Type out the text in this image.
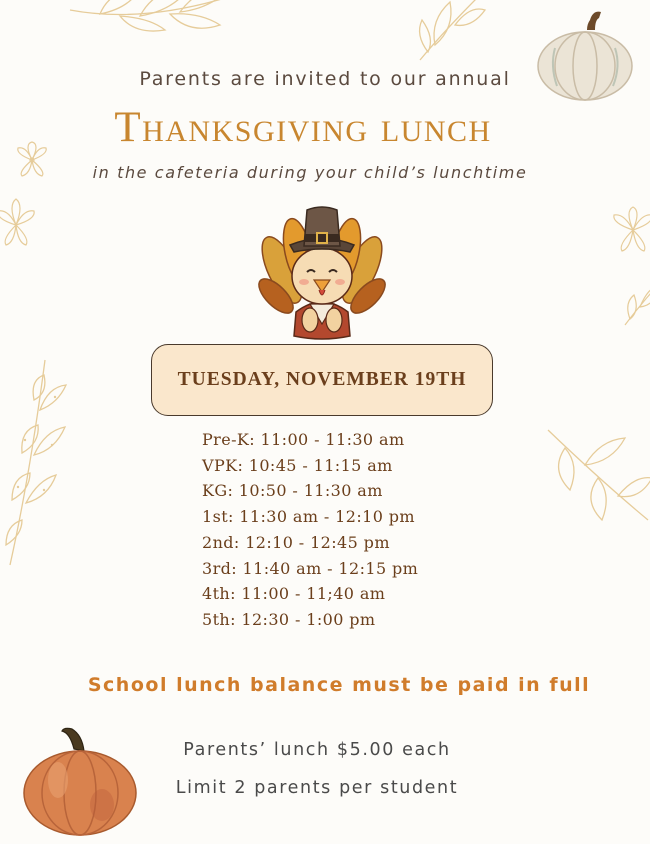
Parents are invited to our annual
Thanksgiving lunch
in the cafeteria during your child’s lunchtime
TUESDAY, NOVEMBER 19TH
Pre-K: 11:00 - 11:30 am
VPK: 10:45 - 11:15 am
KG: 10:50 - 11:30 am
1st: 11:30 am - 12:10 pm
2nd: 12:10 - 12:45 pm
3rd: 11:40 am - 12:15 pm
4th: 11:00 - 11;40 am
5th: 12:30 - 1:00 pm
School lunch balance must be paid in full
Parents’ lunch $5.00 each
Limit 2 parents per student
